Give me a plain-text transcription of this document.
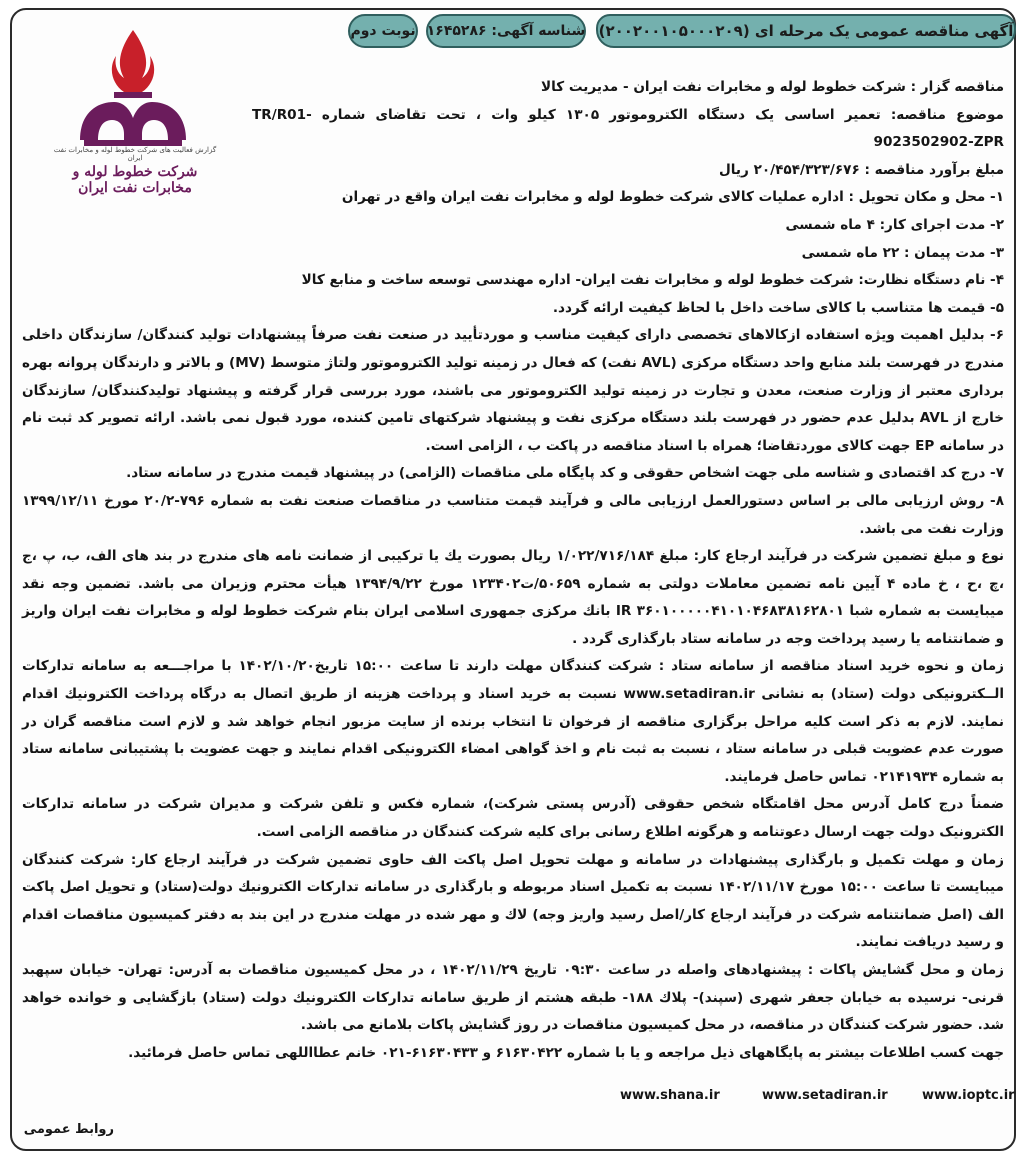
آگهی مناقصه عمومی یک مرحله ای (۲۰۰۲۰۰۱۰۵۰۰۰۲۰۹)
شناسه آگهی: ۱۶۴۵۲۸۶
نوبت دوم
گزارش فعالیت های شرکت خطوط لوله و مخابرات نفت ایران
شرکت خطوط لوله و مخابرات نفت ایران

مناقصه گزار : شرکت خطوط لوله و مخابرات نفت ایران - مدیریت کالا

موضوع مناقصه: تعمیر اساسی یک دستگاه الکتروموتور ۱۳۰۵ کیلو وات ، تحت تقاضای شماره TR/R01-9023502902-ZPR

مبلغ برآورد مناقصه : ۲۰/۴۵۴/۳۲۳/۶۷۶ ریال

۱- محل و مکان تحویل : اداره عملیات کالای شرکت خطوط لوله و مخابرات نفت ایران واقع در تهران

۲- مدت اجرای کار: ۴ ماه شمسی

۳- مدت پیمان : ۲۲ ماه شمسی

۴- نام دستگاه نظارت: شرکت خطوط لوله و مخابرات نفت ایران- اداره مهندسی توسعه ساخت و منابع کالا

۵- قیمت ها متناسب با کالای ساخت داخل با لحاظ کیفیت ارائه گردد.

۶- بدلیل اهمیت ویژه استفاده ازکالاهای تخصصی دارای کیفیت مناسب و موردتأیید در صنعت نفت صرفاً پیشنهادات تولید کنندگان/ سازندگان داخلی مندرج در فهرست بلند منابع واحد دستگاه مرکزی (AVL نفت) که فعال در زمینه تولید الکتروموتور ولتاژ متوسط (MV) و بالاتر و دارندگان پروانه بهره برداری معتبر از وزارت صنعت، معدن و تجارت در زمینه تولید الکتروموتور می باشند، مورد بررسی قرار گرفته و پیشنهاد تولیدکنندگان/ سازندگان خارج از AVL بدلیل عدم حضور در فهرست بلند دستگاه مرکزی نفت و پیشنهاد شرکتهای تامین کننده، مورد قبول نمی باشد. ارائه تصویر کد ثبت نام در سامانه EP جهت کالای موردتقاضا؛ همراه با اسناد مناقصه در پاکت ب ، الزامی است.

۷- درج کد اقتصادی و شناسه ملی جهت اشخاص حقوقی و کد پایگاه ملی مناقصات (الزامی) در پیشنهاد قیمت مندرج در سامانه ستاد.

۸- روش ارزیابی مالی بر اساس دستورالعمل ارزیابی مالی و فرآیند قیمت متناسب در مناقصات صنعت نفت به شماره ۷۹۶-۲۰/۲ مورخ ۱۳۹۹/۱۲/۱۱ وزارت نفت می باشد.

نوع و مبلغ تضمین شرکت در فرآیند ارجاع کار: مبلغ ۱/۰۲۲/۷۱۶/۱۸۴ ریال بصورت یك یا ترکیبی از ضمانت نامه های مندرج در بند های الف، ب، پ ،ج ،چ ،ح ، خ ماده ۴ آیین نامه تضمین معاملات دولتی به شماره ۵۰۶۵۹/ت۱۲۳۴۰۲ مورخ ۱۳۹۴/۹/۲۲ هیأت محترم وزیران می باشد. تضمین وجه نقد میبایست به شماره شبا IR ۳۶۰۱۰۰۰۰۰۴۱۰۱۰۴۶۸۳۸۱۶۲۸۰۱ بانك مرکزی جمهوری اسلامی ایران بنام شرکت خطوط لوله و مخابرات نفت ایران واریز و ضمانتنامه یا رسید پرداخت وجه در سامانه ستاد بارگذاری گردد .

زمان و نحوه خرید اسناد مناقصه از سامانه ستاد : شرکت کنندگان مهلت دارند تا ساعت ۱۵:۰۰ تاریخ۱۴۰۲/۱۰/۲۰ با مراجـــعه به سامانه تدارکات الــکترونیکی دولت (ستاد) به نشانی www.setadiran.ir نسبت به خرید اسناد و پرداخت هزینه از طریق اتصال به درگاه پرداخت الکترونیك اقدام نمایند. لازم به ذکر است کلیه مراحل برگزاری مناقصه از فرخوان تا انتخاب برنده از سایت مزبور انجام خواهد شد و لازم است مناقصه گران در صورت عدم عضویت قبلی در سامانه ستاد ، نسبت به ثبت نام و اخذ گواهی امضاء الکترونیکی اقدام نمایند و جهت عضویت با پشتیبانی سامانه ستاد به شماره ۰۲۱۴۱۹۳۴ تماس حاصل فرمایند.

ضمناً درج کامل آدرس محل اقامتگاه شخص حقوقی (آدرس پستی شرکت)، شماره فکس و تلفن شرکت و مدیران شرکت در سامانه تدارکات الکترونیک دولت جهت ارسال دعوتنامه و هرگونه اطلاع رسانی برای کلیه شرکت کنندگان در مناقصه الزامی است.

زمان و مهلت تکمیل و بارگذاری پیشنهادات در سامانه و مهلت تحویل اصل پاکت الف حاوی تضمین شرکت در فرآیند ارجاع کار: شرکت کنندگان میبایست تا ساعت ۱۵:۰۰ مورخ ۱۴۰۲/۱۱/۱۷ نسبت به تکمیل اسناد مربوطه و بارگذاری در سامانه تدارکات الکترونیك دولت(ستاد) و تحویل اصل پاکت الف (اصل ضمانتنامه شرکت در فرآیند ارجاع کار/اصل رسید واریز وجه) لاك و مهر شده در مهلت مندرج در این بند به دفتر کمیسیون مناقصات اقدام و رسید دریافت نمایند.

زمان و محل گشایش پاکات : پیشنهادهای واصله در ساعت ۰۹:۳۰ تاریخ ۱۴۰۲/۱۱/۲۹ ، در محل کمیسیون مناقصات به آدرس: تهران- خیابان سپهبد قرنی- نرسیده به خیابان جعفر شهری (سپند)- پلاك ۱۸۸- طبقه هشتم از طریق سامانه تدارکات الکترونیك دولت (ستاد) بازگشایی و خوانده خواهد شد. حضور شرکت کنندگان در مناقصه، در محل کمیسیون مناقصات در روز گشایش پاکات بلامانع می باشد.

جهت کسب اطلاعات بیشتر به پایگاههای ذیل مراجعه و یا با شماره ۶۱۶۳۰۴۲۲ و ۶۱۶۳۰۴۳۳-۰۲۱ خانم عطااللهی تماس حاصل فرمائید.

www.shana.ir	www.setadiran.ir	www.ioptc.ir
روابط عمومی
